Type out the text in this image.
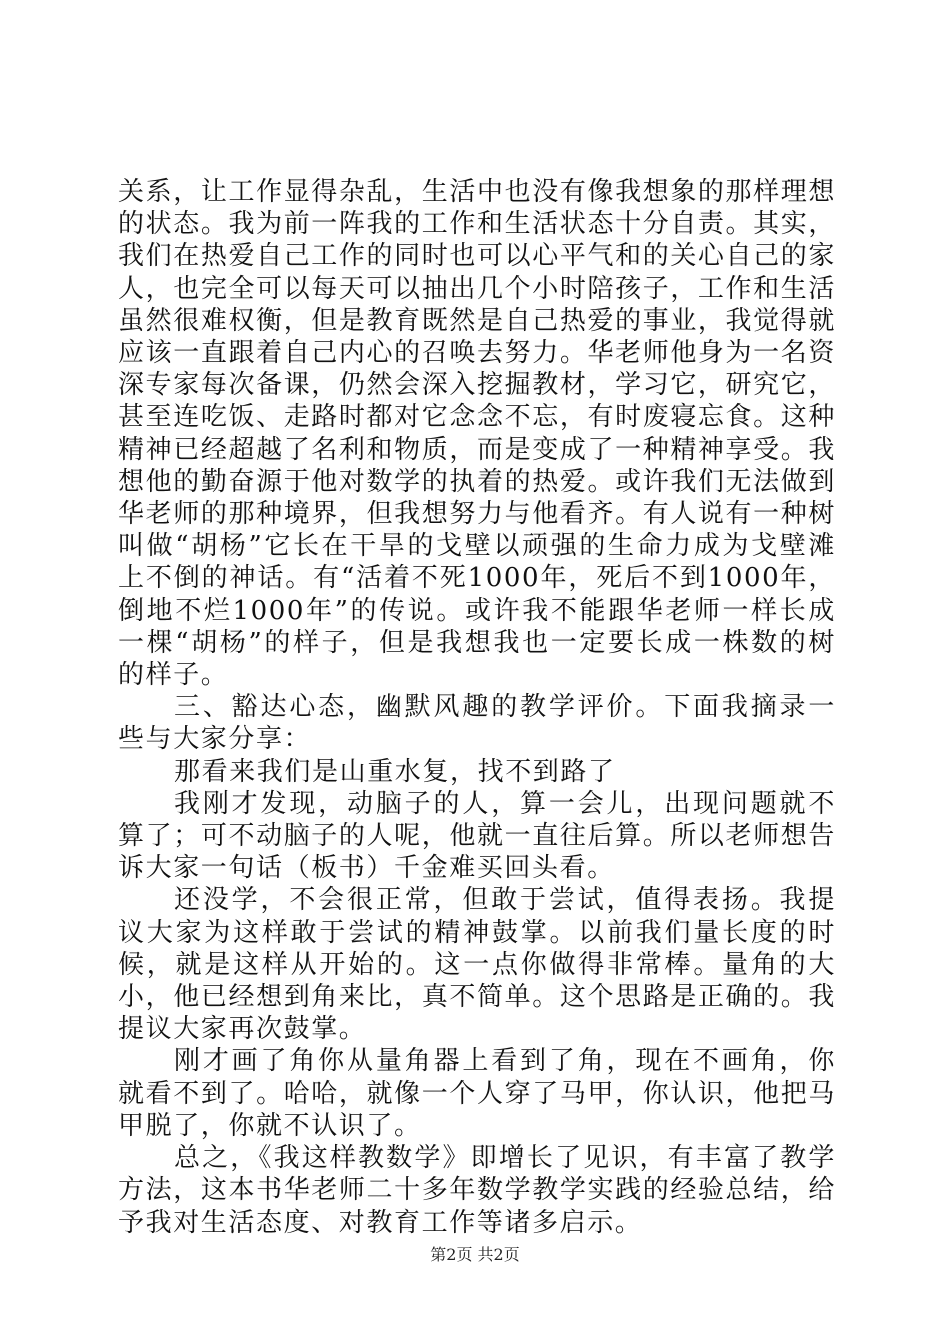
关系，让工作显得杂乱，生活中也没有像我想象的那样理想的状态。我为前一阵我的工作和生活状态十分自责。其实，我们在热爱自己工作的同时也可以心平气和的关心自己的家人，也完全可以每天可以抽出几个小时陪孩子，工作和生活虽然很难权衡，但是教育既然是自己热爱的事业，我觉得就应该一直跟着自己内心的召唤去努力。华老师他身为一名资深专家每次备课，仍然会深入挖掘教材，学习它，研究它，甚至连吃饭、走路时都对它念念不忘，有时废寝忘食。这种精神已经超越了名利和物质，而是变成了一种精神享受。我想他的勤奋源于他对数学的执着的热爱。或许我们无法做到华老师的那种境界，但我想努力与他看齐。有人说有一种树叫做“胡杨”它长在干旱的戈壁以顽强的生命力成为戈壁滩上不倒的神话。有“活着不死1000年，死后不到1000年，倒地不烂1000年”的传说。或许我不能跟华老师一样长成一棵“胡杨”的样子，但是我想我也一定要长成一株数的树的样子。

三、豁达心态，幽默风趣的教学评价。下面我摘录一些与大家分享：

那看来我们是山重水复，找不到路了

我刚才发现，动脑子的人，算一会儿，出现问题就不算了；可不动脑子的人呢，他就一直往后算。所以老师想告诉大家一句话（板书）千金难买回头看。

还没学，不会很正常，但敢于尝试，值得表扬。我提议大家为这样敢于尝试的精神鼓掌。以前我们量长度的时候，就是这样从开始的。这一点你做得非常棒。量角的大小，他已经想到角来比，真不简单。这个思路是正确的。我提议大家再次鼓掌。

刚才画了角你从量角器上看到了角，现在不画角，你就看不到了。哈哈，就像一个人穿了马甲，你认识，他把马甲脱了，你就不认识了。

总之，《我这样教数学》即增长了见识，有丰富了教学方法，这本书华老师二十多年数学教学实践的经验总结，给予我对生活态度、对教育工作等诸多启示。

第2页 共2页
